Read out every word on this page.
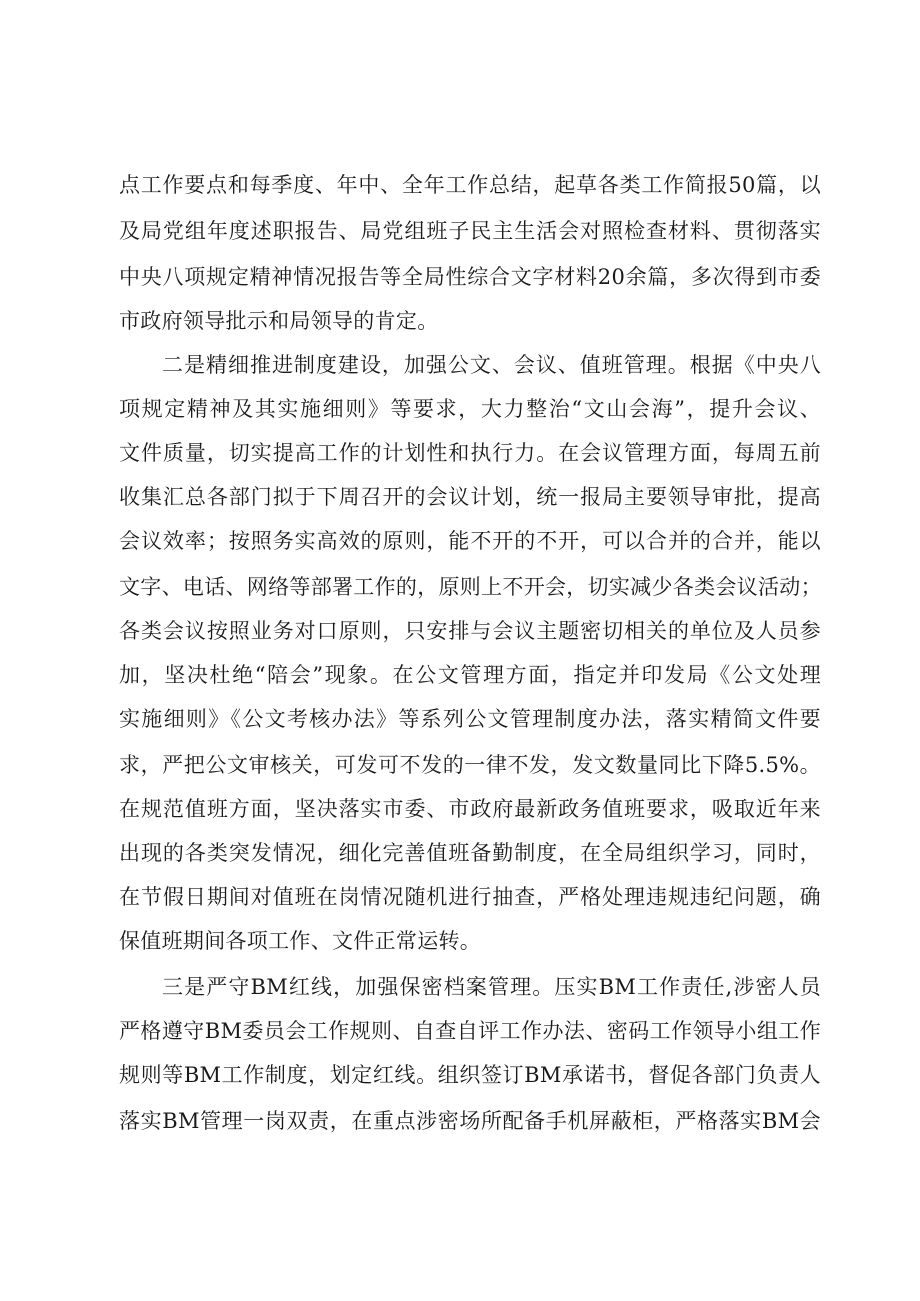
点工作要点和每季度、年中、全年工作总结，起草各类工作简报50篇，以
及局党组年度述职报告、局党组班子民主生活会对照检查材料、贯彻落实
中央八项规定精神情况报告等全局性综合文字材料20余篇，多次得到市委
市政府领导批示和局领导的肯定。
二是精细推进制度建设，加强公文、会议、值班管理。根据《中央八
项规定精神及其实施细则》等要求，大力整治“文山会海”，提升会议、
文件质量，切实提高工作的计划性和执行力。在会议管理方面，每周五前
收集汇总各部门拟于下周召开的会议计划，统一报局主要领导审批，提高
会议效率；按照务实高效的原则，能不开的不开，可以合并的合并，能以
文字、电话、网络等部署工作的，原则上不开会，切实减少各类会议活动；
各类会议按照业务对口原则，只安排与会议主题密切相关的单位及人员参
加，坚决杜绝“陪会”现象。在公文管理方面，指定并印发局《公文处理
实施细则》《公文考核办法》等系列公文管理制度办法，落实精简文件要
求，严把公文审核关，可发可不发的一律不发，发文数量同比下降5.5%。
在规范值班方面，坚决落实市委、市政府最新政务值班要求，吸取近年来
出现的各类突发情况，细化完善值班备勤制度，在全局组织学习，同时，
在节假日期间对值班在岗情况随机进行抽查，严格处理违规违纪问题，确
保值班期间各项工作、文件正常运转。
三是严守BM红线，加强保密档案管理。压实BM工作责任,涉密人员
严格遵守BM委员会工作规则、自查自评工作办法、密码工作领导小组工作
规则等BM工作制度，划定红线。组织签订BM承诺书，督促各部门负责人
落实BM管理一岗双责，在重点涉密场所配备手机屏蔽柜，严格落实BM会
